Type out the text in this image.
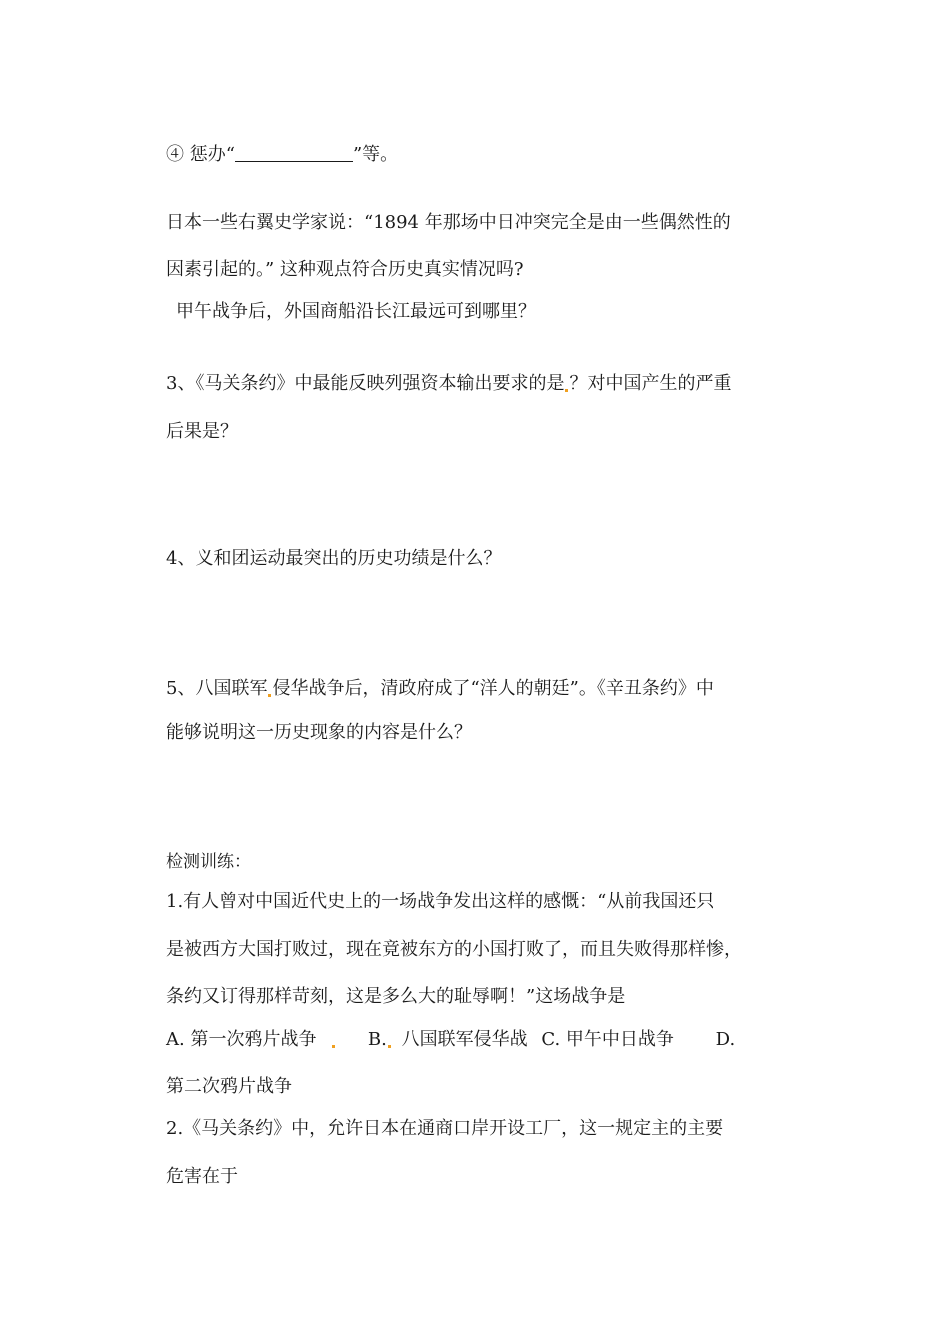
④ 惩办“	”等。
日本一些右翼史学家说：“1894 年那场中日冲突完全是由一些偶然性的
因素引起的。” 这种观点符合历史真实情况吗?
甲午战争后，外国商船沿长江最远可到哪里？
3、《马关条约》中最能反映列强资本输出要求的是 ？对中国产生的严重
后果是？
4、义和团运动最突出的历史功绩是什么？
5、八国联军 侵华战争后，清政府成了“洋人的朝廷”。《辛丑条约》中
能够说明这一历史现象的内容是什么？
检测训练：
1.有人曾对中国近代史上的一场战争发出这样的感慨：“从前我国还只
是被西方大国打败过，现在竟被东方的小国打败了，而且失败得那样惨，
条约又订得那样苛刻，这是多么大的耻辱啊！”这场战争是
A. 第一次鸦片战争	B. 八国联军侵华战 C. 甲午中日战争 D.
第二次鸦片战争
2.《马关条约》中，允许日本在通商口岸开设工厂，这一规定主的主要
危害在于
